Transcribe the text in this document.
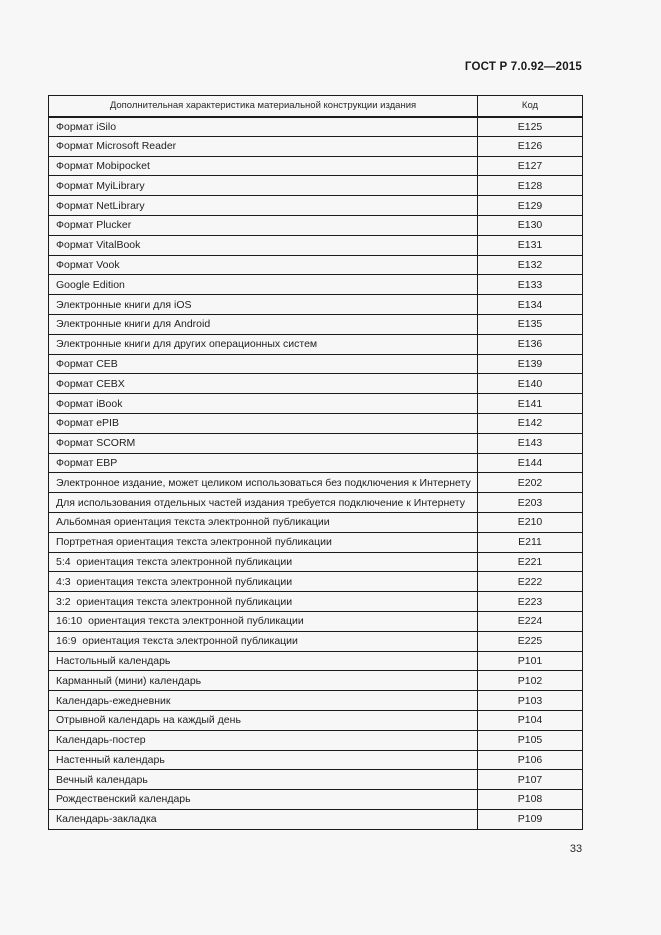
ГОСТ Р 7.0.92—2015
Дополнительная характеристика материальной конструкции издания	Код
Формат iSilo	E125
Формат Microsoft Reader	E126
Формат Mobipocket	E127
Формат MyiLibrary	E128
Формат NetLibrary	E129
Формат Plucker	E130
Формат VitalBook	E131
Формат Vook	E132
Google Edition	E133
Электронные книги для iOS	E134
Электронные книги для Android	E135
Электронные книги для других операционных систем	E136
Формат CEB	E139
Формат CEBX	E140
Формат iBook	E141
Формат ePIB	E142
Формат SCORM	E143
Формат EBP	E144
Электронное издание, может целиком использоваться без подключения к Интернету	E202
Для использования отдельных частей издания требуется подключение к Интернету	E203
Альбомная ориентация текста электронной публикации	E210
Портретная ориентация текста электронной публикации	E211
5:4  ориентация текста электронной публикации	E221
4:3  ориентация текста электронной публикации	E222
3:2  ориентация текста электронной публикации	E223
16:10  ориентация текста электронной публикации	E224
16:9  ориентация текста электронной публикации	E225
Настольный календарь	P101
Карманный (мини) календарь	P102
Календарь-ежедневник	P103
Отрывной календарь на каждый день	P104
Календарь-постер	P105
Настенный календарь	P106
Вечный календарь	P107
Рождественский календарь	P108
Календарь-закладка	P109
33
